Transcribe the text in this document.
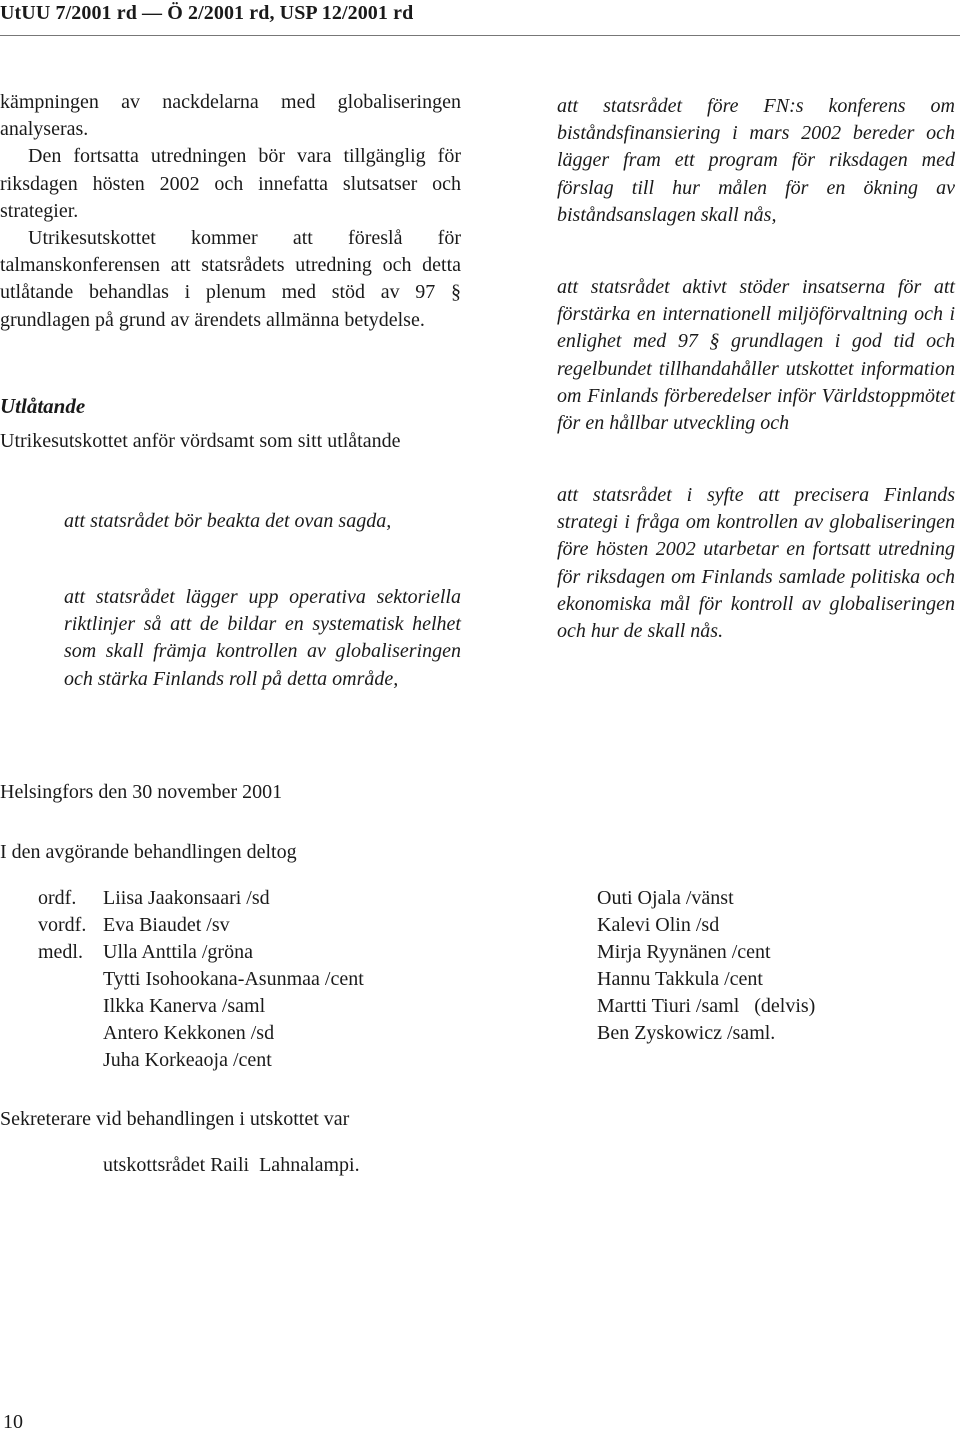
UtUU 7/2001 rd — Ö 2/2001 rd, USP 12/2001 rd

kämpningen av nackdelarna med globaliseringen analyseras.

Den fortsatta utredningen bör vara tillgänglig för riksdagen hösten 2002 och innefatta slutsatser och strategier.

Utrikesutskottet kommer att föreslå för talmanskonferensen att statsrådets utredning och detta utlåtande behandlas i plenum med stöd av 97 § grundlagen på grund av ärendets allmänna betydelse.

Utlåtande
Utrikesutskottet anför vördsamt som sitt utlåtande
att statsrådet bör beakta det ovan sagda,
att statsrådet lägger upp operativa sektoriella riktlinjer så att de bildar en systematisk helhet som skall främja kontrollen av globaliseringen och stärka Finlands roll på detta område,
att statsrådet före FN:s konferens om biståndsfinansiering i mars 2002 bereder och lägger fram ett program för riksdagen med förslag till hur målen för en ökning av biståndsanslagen skall nås,
att statsrådet aktivt stöder insatserna för att förstärka en internationell miljöförvaltning och i enlighet med 97 § grundlagen i god tid och regelbundet tillhandahåller utskottet information om Finlands förberedelser inför Världstoppmötet för en hållbar utveckling och
att statsrådet i syfte att precisera Finlands strategi i fråga om kontrollen av globaliseringen före hösten 2002 utarbetar en fortsatt utredning för riksdagen om Finlands samlade politiska och ekonomiska mål för kontroll av globaliseringen och hur de skall nås.
Helsingfors den 30 november 2001
I den avgörande behandlingen deltog
ordf.	Liisa Jaakonsaari /sd
vordf. Eva Biaudet /sv
medl.	Ulla Anttila /gröna
Tytti Isohookana-Asunmaa /cent
Ilkka Kanerva /saml
Antero Kekkonen /sd
Juha Korkeaoja /cent
Outi Ojala /vänst
Kalevi Olin /sd
Mirja Ryynänen /cent
Hannu Takkula /cent
Martti Tiuri /saml   (delvis)
Ben Zyskowicz /saml.
Sekreterare vid behandlingen i utskottet var
utskottsrådet Raili  Lahnalampi.
10
